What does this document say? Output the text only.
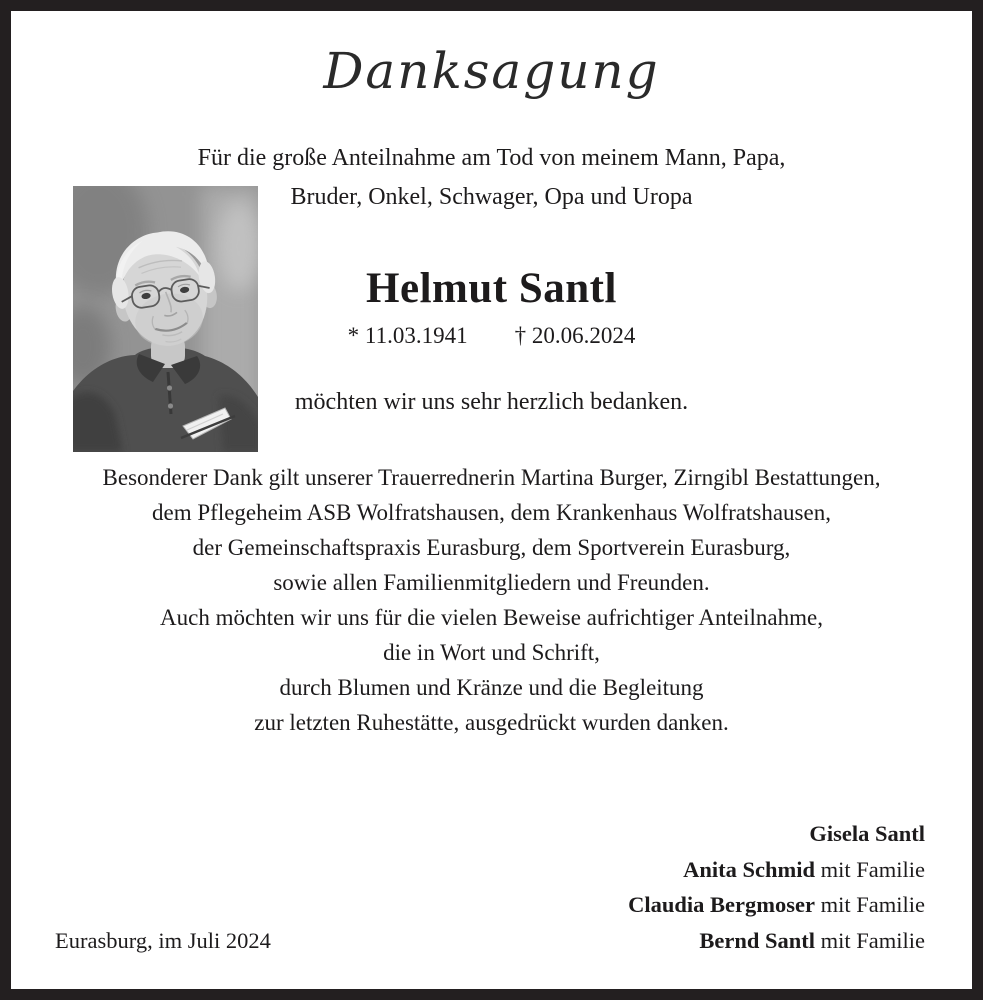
Danksagung
Für die große Anteilnahme am Tod von meinem Mann, Papa,
Bruder, Onkel, Schwager, Opa und Uropa
Helmut Santl
* 11.03.1941 † 20.06.2024
möchten wir uns sehr herzlich bedanken.
Besonderer Dank gilt unserer Trauerrednerin Martina Burger, Zirngibl Bestattungen,
dem Pflegeheim ASB Wolfratshausen, dem Krankenhaus Wolfratshausen,
der Gemeinschaftspraxis Eurasburg, dem Sportverein Eurasburg,
sowie allen Familienmitgliedern und Freunden.
Auch möchten wir uns für die vielen Beweise aufrichtiger Anteilnahme,
die in Wort und Schrift,
durch Blumen und Kränze und die Begleitung
zur letzten Ruhestätte, ausgedrückt wurden danken.
Gisela Santl
Anita Schmid mit Familie
Claudia Bergmoser mit Familie
Bernd Santl mit Familie
Eurasburg, im Juli 2024
